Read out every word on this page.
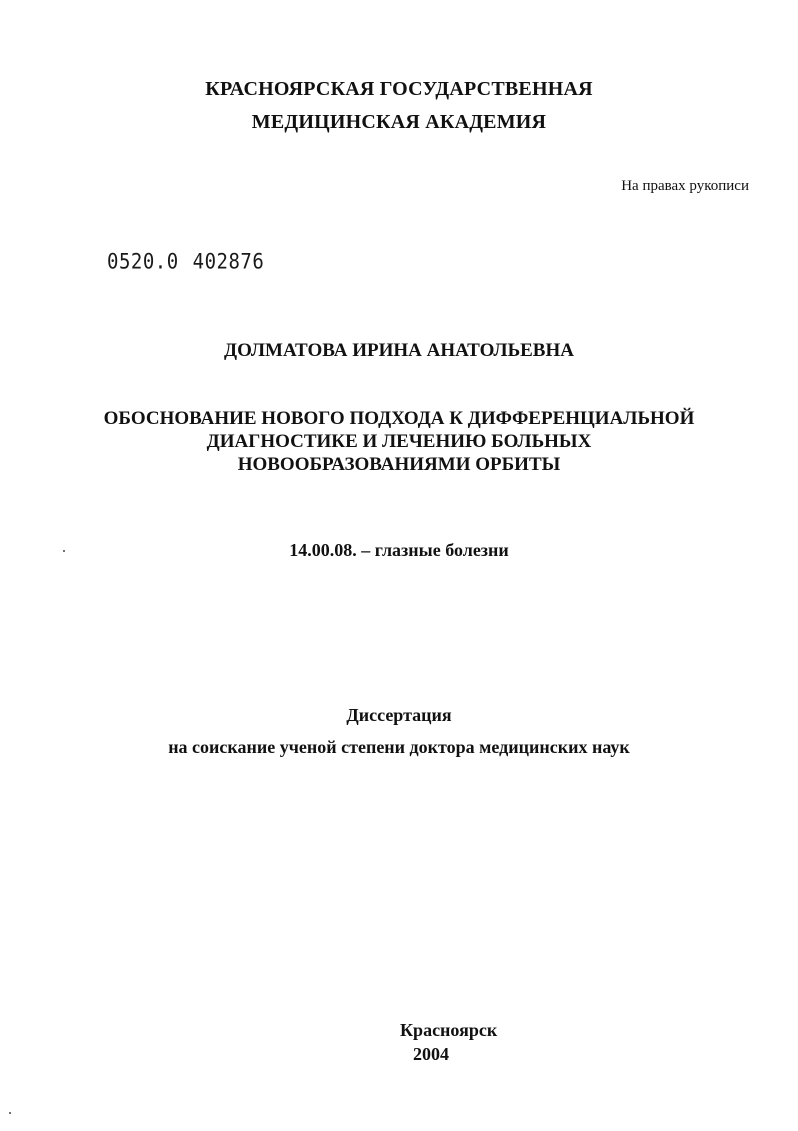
КРАСНОЯРСКАЯ ГОСУДАРСТВЕННАЯ
МЕДИЦИНСКАЯ АКАДЕМИЯ
На правах рукописи
0520.0 402876
ДОЛМАТОВА ИРИНА АНАТОЛЬЕВНА
ОБОСНОВАНИЕ НОВОГО ПОДХОДА К ДИФФЕРЕНЦИАЛЬНОЙ
ДИАГНОСТИКЕ И ЛЕЧЕНИЮ БОЛЬНЫХ
НОВООБРАЗОВАНИЯМИ ОРБИТЫ
14.00.08. – глазные болезни
Диссертация
на соискание ученой степени доктора медицинских наук
Красноярск
2004
